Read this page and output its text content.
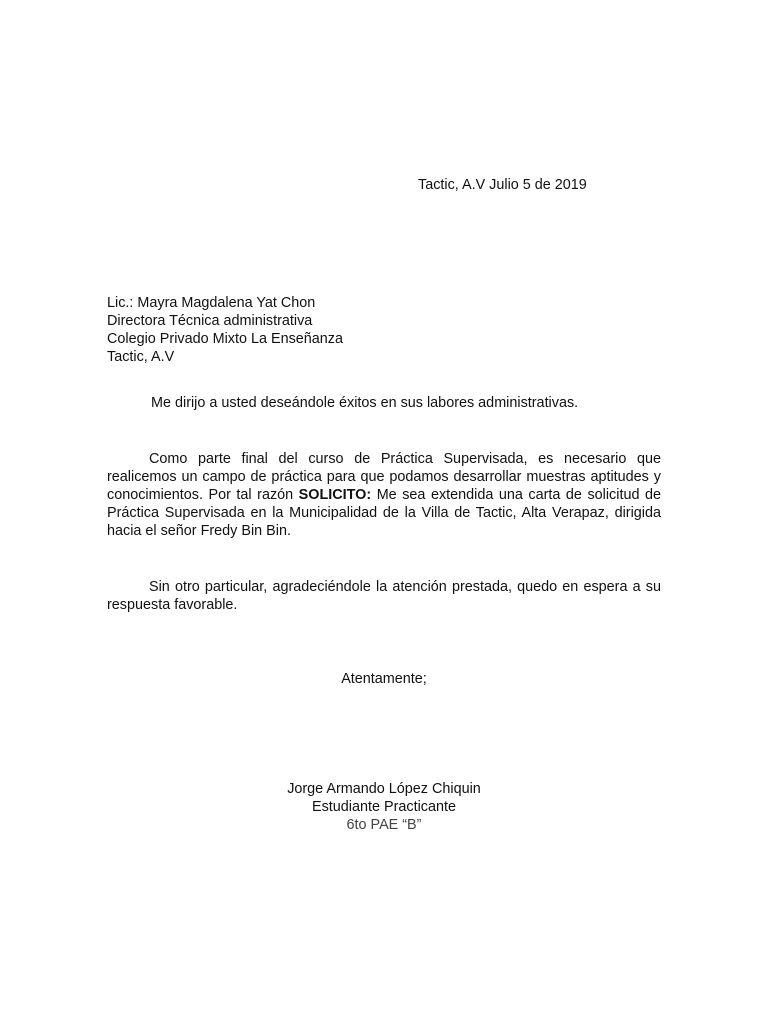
Tactic, A.V Julio 5 de 2019
Lic.: Mayra Magdalena Yat Chon
Directora Técnica administrativa
Colegio Privado Mixto La Enseñanza
Tactic, A.V
Me dirijo a usted deseándole éxitos en sus labores administrativas.

Como parte final del curso de Práctica Supervisada, es necesario que realicemos un campo de práctica para que podamos desarrollar muestras aptitudes y conocimientos. Por tal razón SOLICITO: Me sea extendida una carta de solicitud de Práctica Supervisada en la Municipalidad de la Villa de Tactic, Alta Verapaz, dirigida hacia el señor Fredy Bin Bin.

Sin otro particular, agradeciéndole la atención prestada, quedo en espera a su respuesta favorable.

Atentamente;
Jorge Armando López Chiquin
Estudiante Practicante
6to PAE “B”
